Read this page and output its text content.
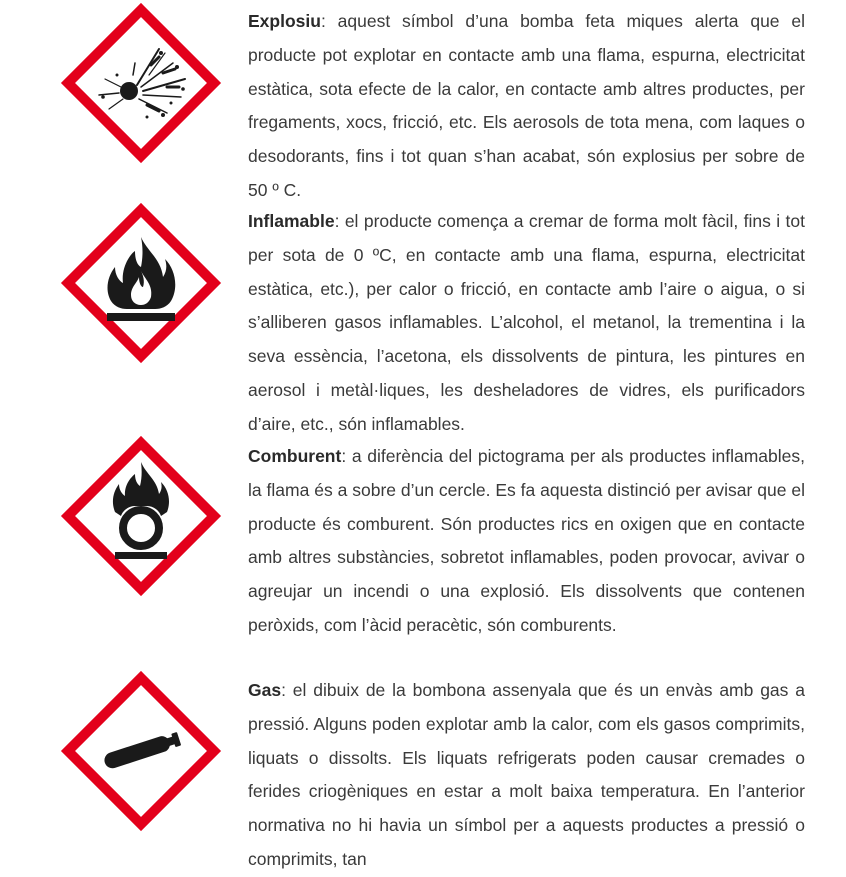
Explosiu: aquest símbol d’una bomba feta miques alerta que el producte pot explotar en contacte amb una flama, espurna, electricitat estàtica, sota efecte de la calor, en contacte amb altres productes, per fregaments, xocs, fricció, etc. Els aerosols de tota mena, com laques o desodorants, fins i tot quan s’han acabat, són explosius per sobre de 50 º C.

Inflamable: el producte comença a cremar de forma molt fàcil, fins i tot per sota de 0 ºC, en contacte amb una flama, espurna, electricitat estàtica, etc.), per calor o fricció, en contacte amb l’aire o aigua, o si s’alliberen gasos inflamables. L’alcohol, el metanol, la trementina i la seva essència, l’acetona, els dissolvents de pintura, les pintures en aerosol i metàl·liques, les desheladores de vidres, els purificadors d’aire, etc., són inflamables.

Comburent: a diferència del pictograma per als productes inflamables, la flama és a sobre d’un cercle. Es fa aquesta distinció per avisar que el producte és comburent. Són productes rics en oxigen que en contacte amb altres substàncies, sobretot inflamables, poden provocar, avivar o agreujar un incendi o una explosió. Els dissolvents que contenen peròxids, com l’àcid peracètic, són comburents.

Gas: el dibuix de la bombona assenyala que és un envàs amb gas a pressió. Alguns poden explotar amb la calor, com els gasos comprimits, liquats o dissolts. Els liquats refrigerats poden causar cremades o ferides criogèniques en estar a molt baixa temperatura. En l’anterior normativa no hi havia un símbol per a aquests productes a pressió o comprimits, tan
